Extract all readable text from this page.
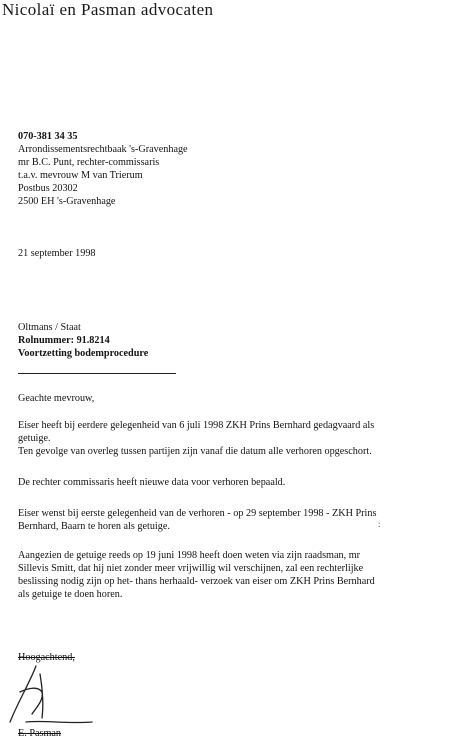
Nicolaï en Pasman advocaten
070-381 34 35
Arrondissementsrechtbaak 's-Gravenhage
mr B.C. Punt, rechter-commissaris
t.a.v. mevrouw M van Trierum
Postbus 20302
2500 EH 's-Gravenhage
21 september 1998
Oltmans / Staat
Rolnummer: 91.8214
Voortzetting bodemprocedure
Geachte mevrouw,
Eiser heeft bij eerdere gelegenheid van 6 juli 1998 ZKH Prins Bernhard gedagvaard als
getuige.
Ten gevolge van overleg tussen partijen zijn vanaf die datum alle verhoren opgeschort.
De rechter commissaris heeft nieuwe data voor verhoren bepaald.
Eiser wenst bij eerste gelegenheid van de verhoren - op 29 september 1998 - ZKH Prins
Bernhard, Baarn te horen als getuige.
Aangezien de getuige reeds op 19 juni 1998 heeft doen weten via zijn raadsman, mr
Sillevis Smitt, dat hij niet zonder meer vrijwillig wil verschijnen, zal een rechterlijke
beslissing nodig zijn op het- thans herhaald- verzoek van eiser om ZKH Prins Bernhard
als getuige te doen horen.
:
Hoogachtend,
E. Pasman
